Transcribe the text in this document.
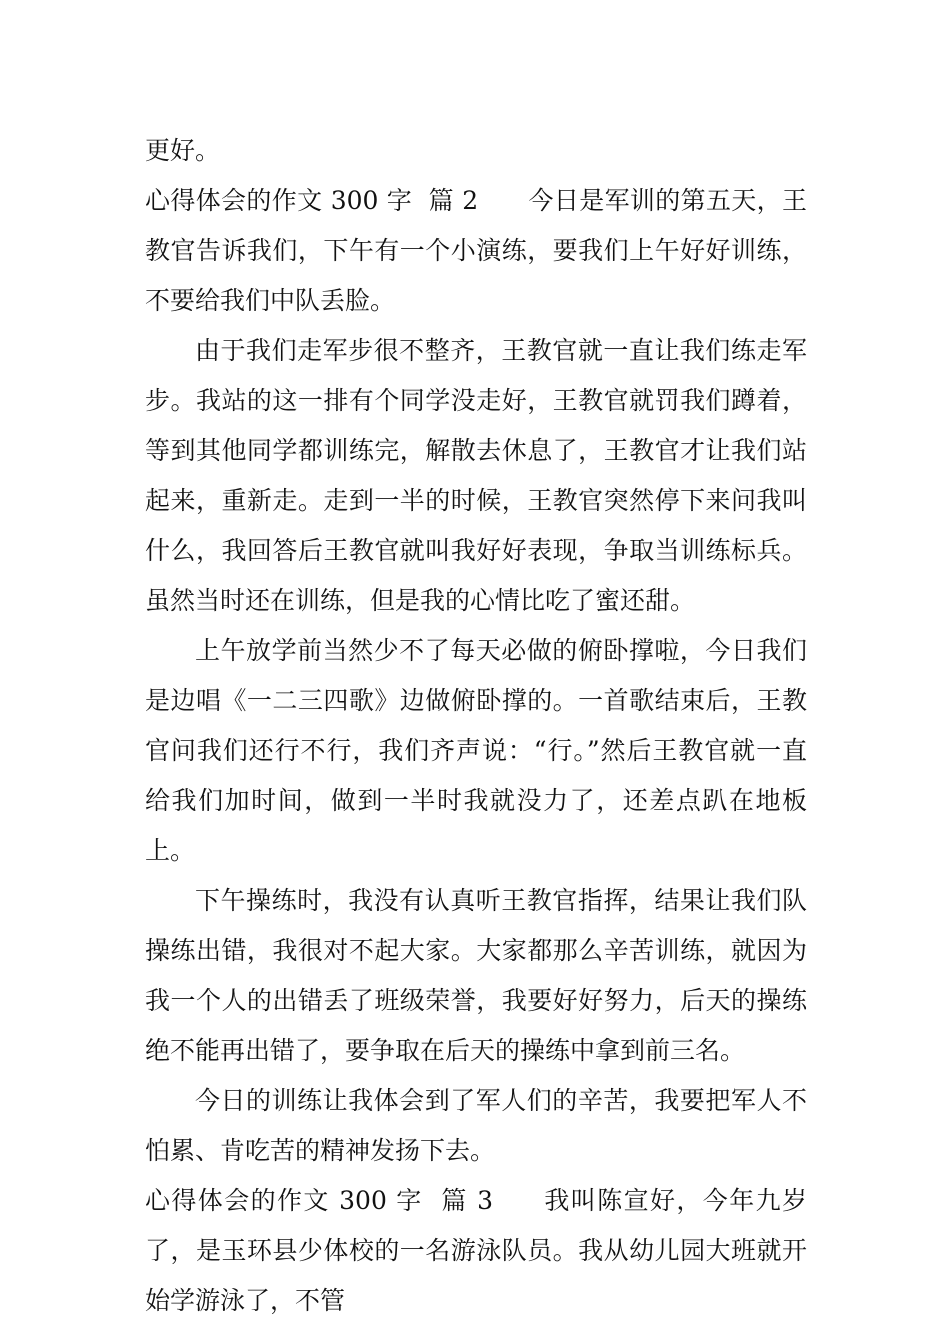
更好。

心得体会的作文 300 字  篇 2 今日是军训的第五天，王教官告诉我们，下午有一个小演练，要我们上午好好训练，不要给我们中队丢脸。

由于我们走军步很不整齐，王教官就一直让我们练走军步。我站的这一排有个同学没走好，王教官就罚我们蹲着，等到其他同学都训练完，解散去休息了，王教官才让我们站起来，重新走。走到一半的时候，王教官突然停下来问我叫什么，我回答后王教官就叫我好好表现，争取当训练标兵。虽然当时还在训练，但是我的心情比吃了蜜还甜。

上午放学前当然少不了每天必做的俯卧撑啦，今日我们是边唱《一二三四歌》边做俯卧撑的。一首歌结束后，王教官问我们还行不行，我们齐声说：“行。”然后王教官就一直给我们加时间，做到一半时我就没力了，还差点趴在地板上。

下午操练时，我没有认真听王教官指挥，结果让我们队操练出错，我很对不起大家。大家都那么辛苦训练，就因为我一个人的出错丢了班级荣誉，我要好好努力，后天的操练绝不能再出错了，要争取在后天的操练中拿到前三名。

今日的训练让我体会到了军人们的辛苦，我要把军人不怕累、肯吃苦的精神发扬下去。

心得体会的作文 300 字  篇 3 我叫陈宣好，今年九岁了，是玉环县少体校的一名游泳队员。我从幼儿园大班就开始学游泳了，不管
